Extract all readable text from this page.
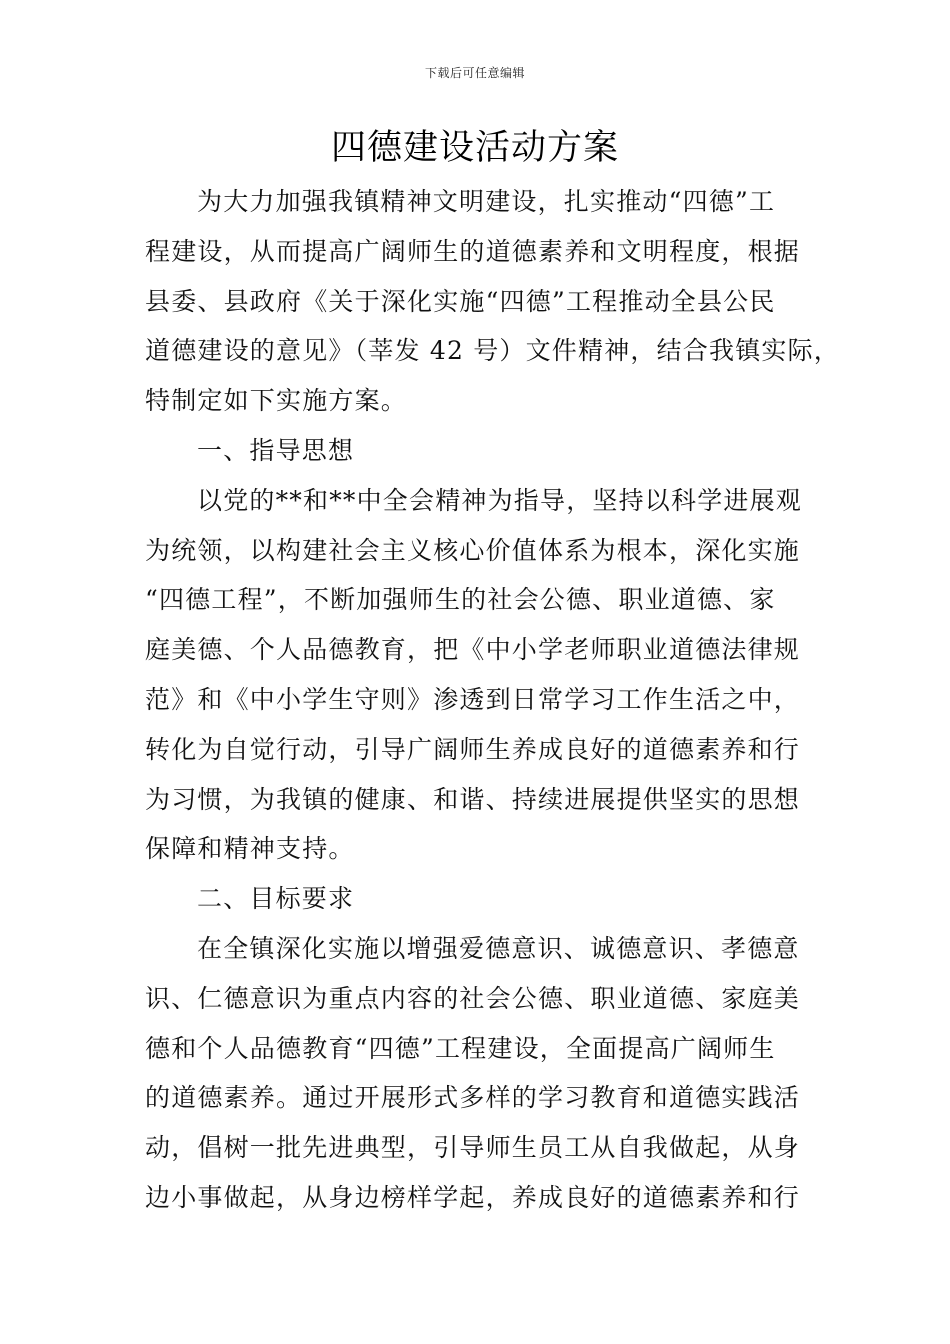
下载后可任意编辑
四德建设活动方案
为大力加强我镇精神文明建设，扎实推动“四德”工
程建设，从而提高广阔师生的道德素养和文明程度，根据
县委、县政府《关于深化实施“四德”工程推动全县公民
道德建设的意见》（莘发 42 号）文件精神，结合我镇实际，
特制定如下实施方案。
一、指导思想
以党的**和**中全会精神为指导，坚持以科学进展观
为统领，以构建社会主义核心价值体系为根本，深化实施
“四德工程”，不断加强师生的社会公德、职业道德、家
庭美德、个人品德教育，把《中小学老师职业道德法律规
范》和《中小学生守则》渗透到日常学习工作生活之中，
转化为自觉行动，引导广阔师生养成良好的道德素养和行
为习惯，为我镇的健康、和谐、持续进展提供坚实的思想
保障和精神支持。
二、目标要求
在全镇深化实施以增强爱德意识、诚德意识、孝德意
识、仁德意识为重点内容的社会公德、职业道德、家庭美
德和个人品德教育“四德”工程建设，全面提高广阔师生
的道德素养。通过开展形式多样的学习教育和道德实践活
动，倡树一批先进典型，引导师生员工从自我做起，从身
边小事做起，从身边榜样学起，养成良好的道德素养和行
